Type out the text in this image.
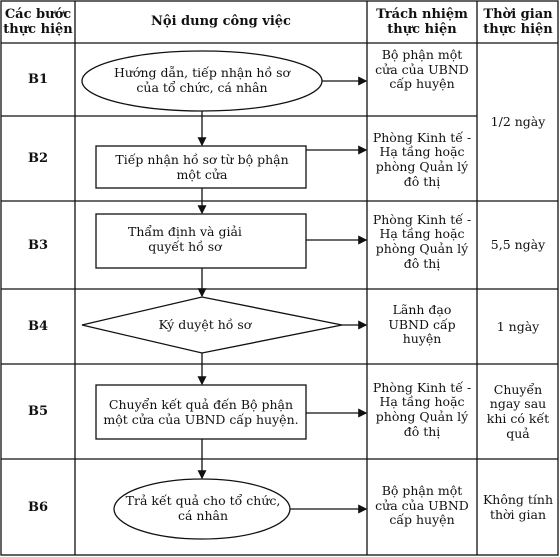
Các bước thực hiện
Nội dung công việc
Trách nhiệm thực hiện
Thời gian thực hiện
B1
B2
B3
B4
B5
B6
Hướng dẫn, tiếp nhận hồ sơ của tổ chức, cá nhân
Tiếp nhận hồ sơ từ bộ phận một cửa
Thẩm định và giải quyết hồ sơ
Ký duyệt hồ sơ
Chuyển kết quả đến Bộ phận một cửa của UBND cấp huyện.
Trả kết quả cho tổ chức, cá nhân
Bộ phận một cửa của UBND cấp huyện
Phòng Kinh tế - Hạ tầng hoặc phòng Quản lý đô thị
Phòng Kinh tế - Hạ tầng hoặc phòng Quản lý đô thị
Lãnh đạo UBND cấp huyện
Phòng Kinh tế - Hạ tầng hoặc phòng Quản lý đô thị
Bộ phận một cửa của UBND cấp huyện
1/2 ngày
5,5 ngày
1 ngày
Chuyển ngay sau khi có kết quả
Không tính thời gian
